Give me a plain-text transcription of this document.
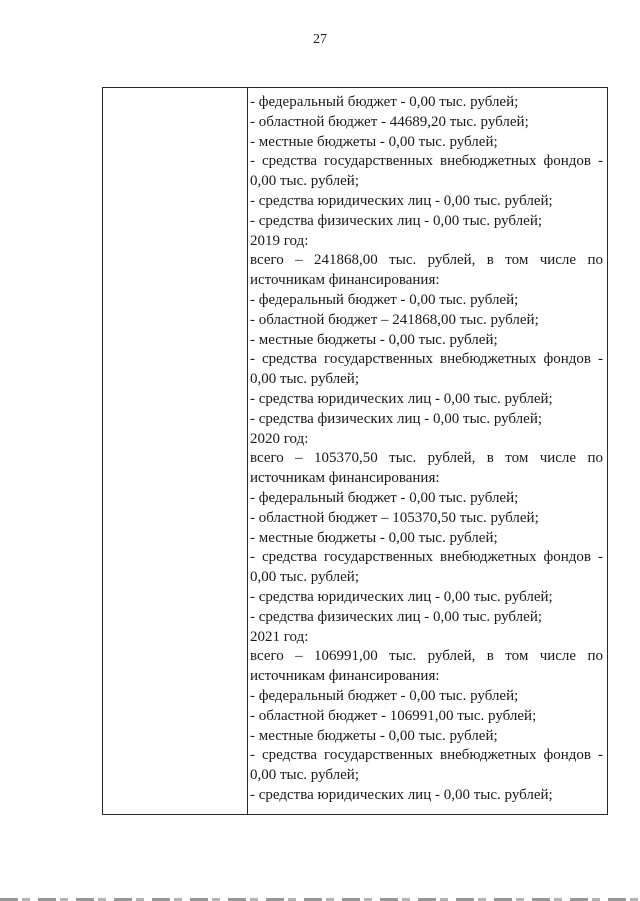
27
- федеральный бюджет - 0,00 тыс. рублей;
- областной бюджет - 44689,20 тыс. рублей;
- местные бюджеты - 0,00 тыс. рублей;
- средства государственных внебюджетных фондов -
0,00 тыс. рублей;
- средства юридических лиц - 0,00 тыс. рублей;
- средства физических лиц - 0,00 тыс. рублей;
2019 год:
всего – 241868,00 тыс. рублей, в том числе по
источникам финансирования:
- федеральный бюджет - 0,00 тыс. рублей;
- областной бюджет – 241868,00 тыс. рублей;
- местные бюджеты - 0,00 тыс. рублей;
- средства государственных внебюджетных фондов -
0,00 тыс. рублей;
- средства юридических лиц - 0,00 тыс. рублей;
- средства физических лиц - 0,00 тыс. рублей;
2020 год:
всего – 105370,50 тыс. рублей, в том числе по
источникам финансирования:
- федеральный бюджет - 0,00 тыс. рублей;
- областной бюджет – 105370,50 тыс. рублей;
- местные бюджеты - 0,00 тыс. рублей;
- средства государственных внебюджетных фондов -
0,00 тыс. рублей;
- средства юридических лиц - 0,00 тыс. рублей;
- средства физических лиц - 0,00 тыс. рублей;
2021 год:
всего – 106991,00 тыс. рублей, в том числе по
источникам финансирования:
- федеральный бюджет - 0,00 тыс. рублей;
- областной бюджет - 106991,00 тыс. рублей;
- местные бюджеты - 0,00 тыс. рублей;
- средства государственных внебюджетных фондов -
0,00 тыс. рублей;
- средства юридических лиц - 0,00 тыс. рублей;
